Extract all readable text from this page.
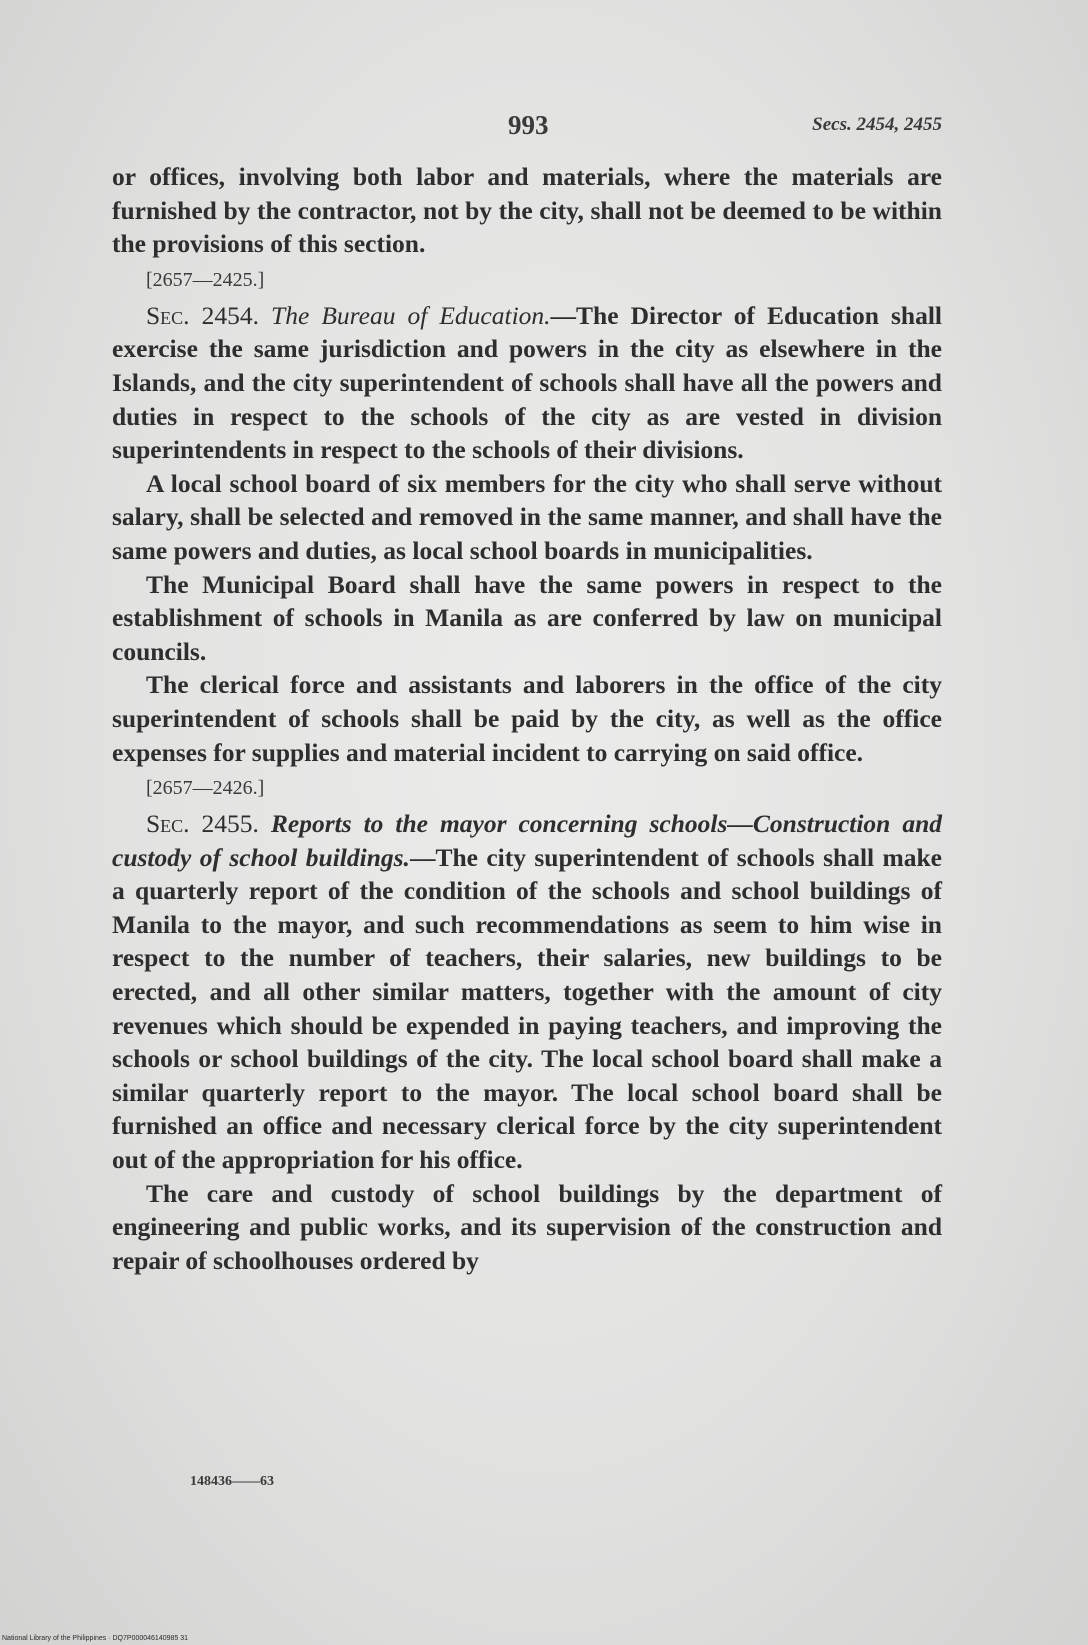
993	Secs. 2454, 2455

or offices, involving both labor and materials, where the materials are furnished by the contractor, not by the city, shall not be deemed to be within the provisions of this section.

[2657—2425.]

Sec. 2454. The Bureau of Education.—The Director of Education shall exercise the same jurisdiction and powers in the city as elsewhere in the Islands, and the city superintendent of schools shall have all the powers and duties in respect to the schools of the city as are vested in division superintendents in respect to the schools of their divisions.

A local school board of six members for the city who shall serve without salary, shall be selected and removed in the same manner, and shall have the same powers and duties, as local school boards in municipalities.

The Municipal Board shall have the same powers in respect to the establishment of schools in Manila as are conferred by law on municipal councils.

The clerical force and assistants and laborers in the office of the city superintendent of schools shall be paid by the city, as well as the office expenses for supplies and material incident to carrying on said office.

[2657—2426.]

Sec. 2455. Reports to the mayor concerning schools—Construction and custody of school buildings.—The city superintendent of schools shall make a quarterly report of the condition of the schools and school buildings of Manila to the mayor, and such recommendations as seem to him wise in respect to the number of teachers, their salaries, new buildings to be erected, and all other similar matters, together with the amount of city revenues which should be expended in paying teachers, and improving the schools or school buildings of the city. The local school board shall make a similar quarterly report to the mayor. The local school board shall be furnished an office and necessary clerical force by the city superintendent out of the appropriation for his office.

The care and custody of school buildings by the department of engineering and public works, and its supervision of the construction and repair of schoolhouses ordered by

148436——63
National Library of the Philippines · DQ7P000046140985 31
